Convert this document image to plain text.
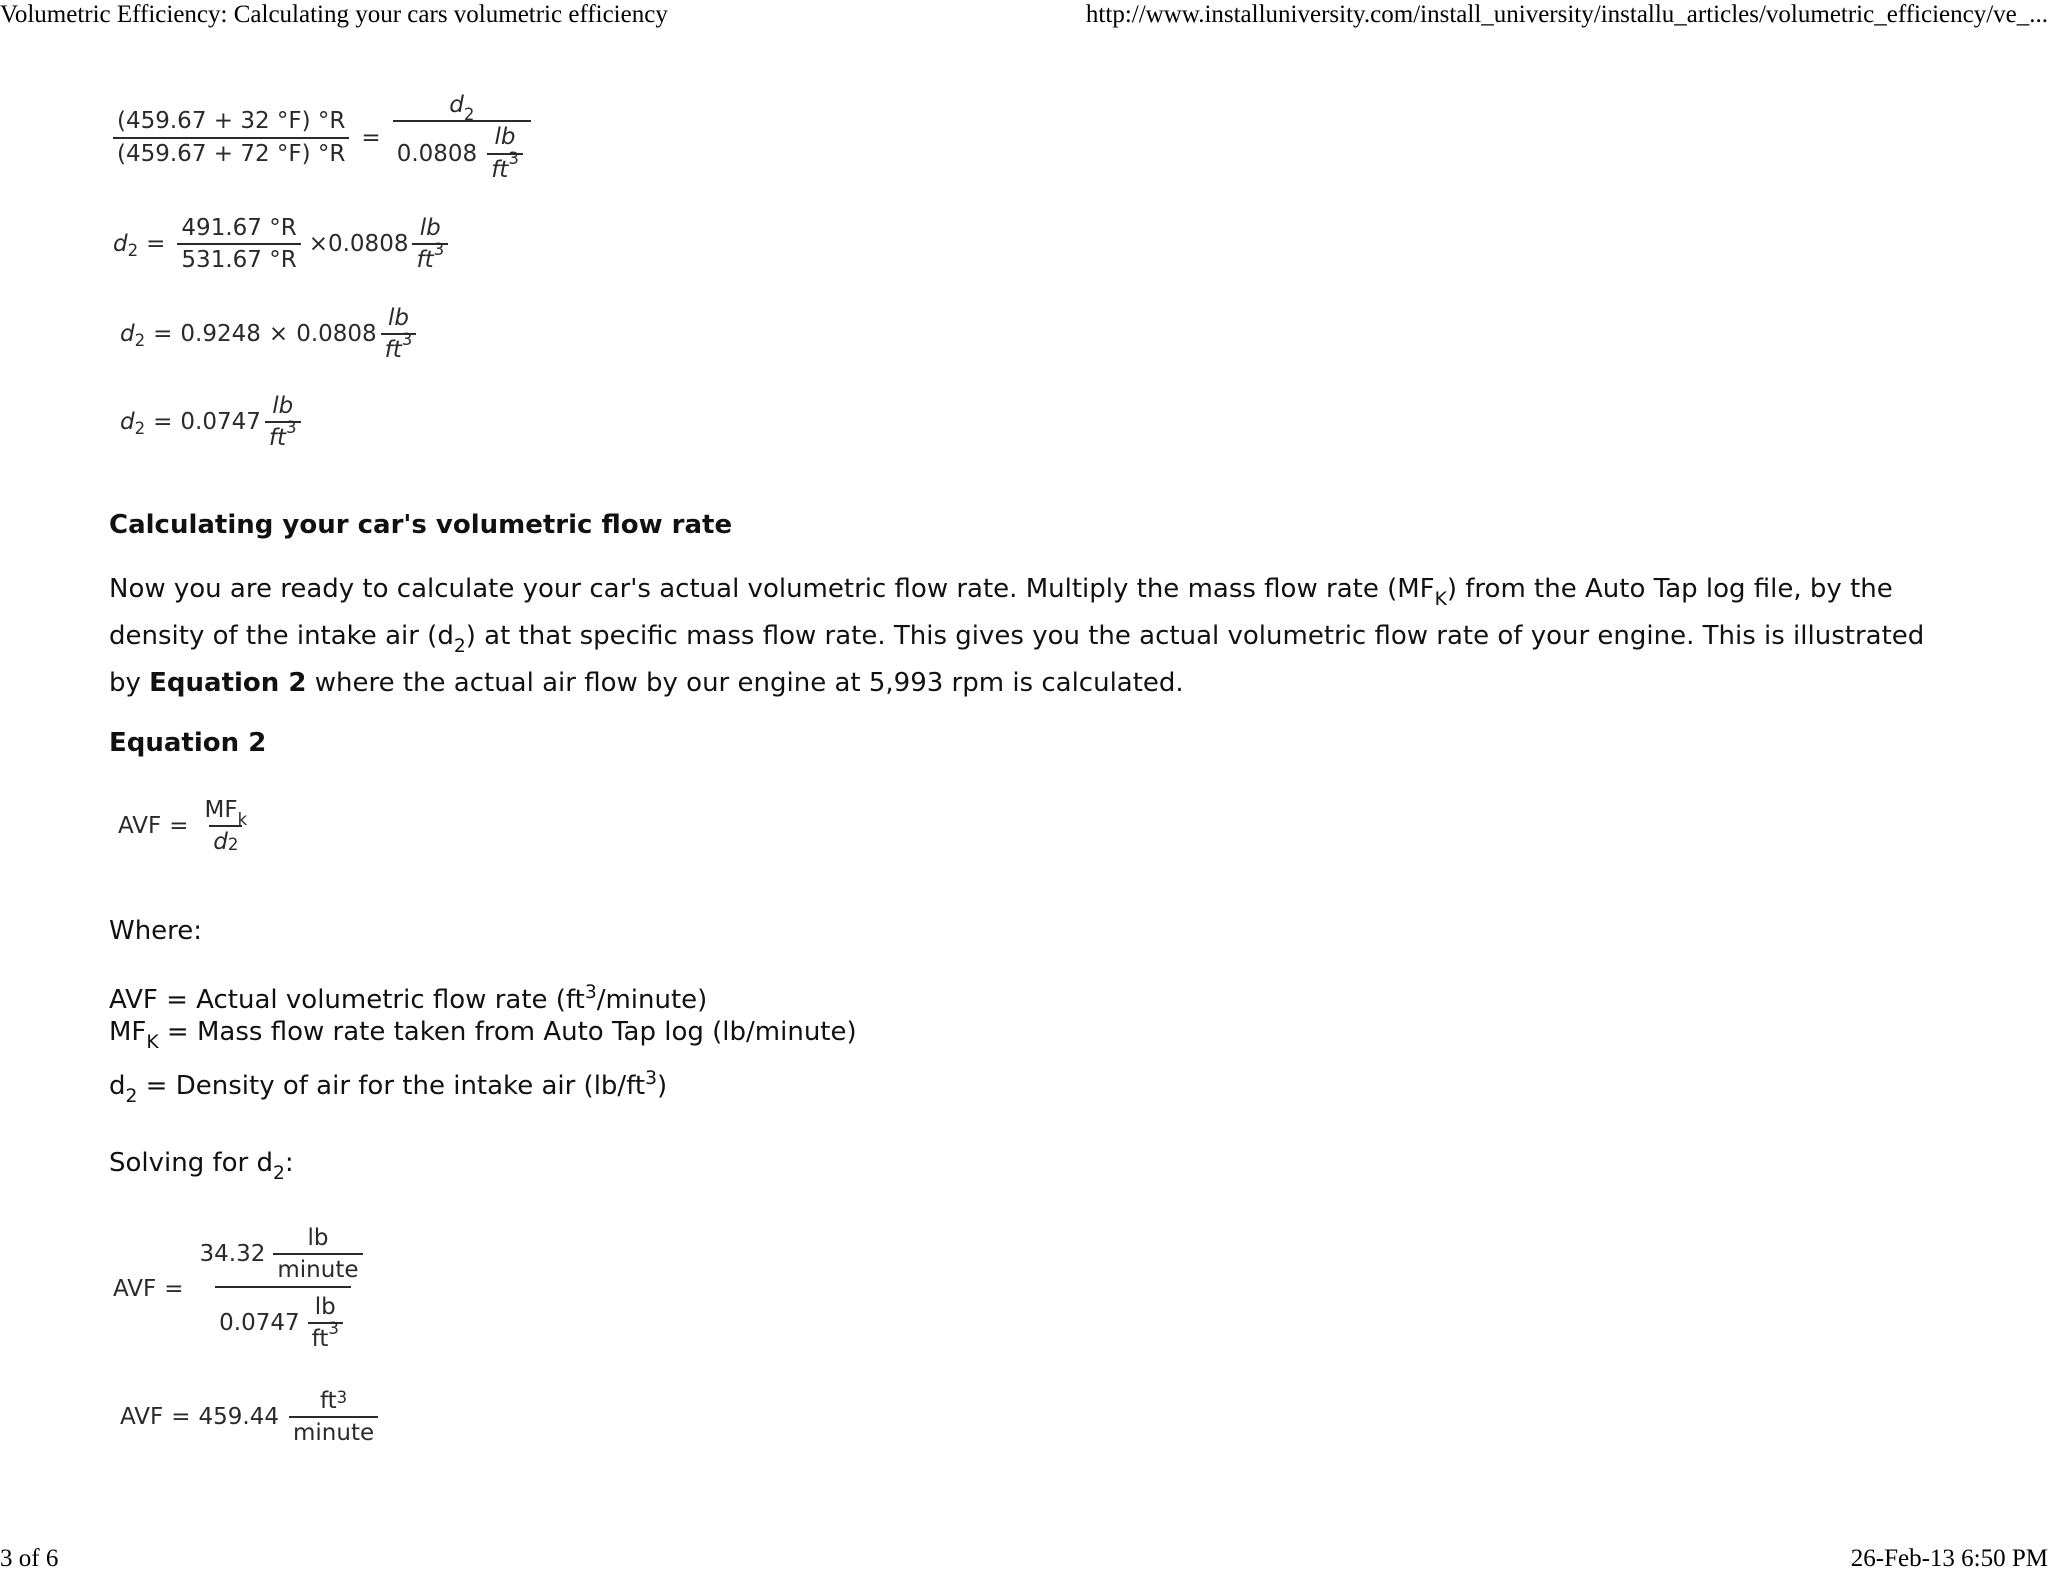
Volumetric Efficiency: Calculating your cars volumetric efficiency	http://www.installuniversity.com/install_university/installu_articles/volumetric_efficiency/ve_...
$\frac{(459.67 + 32 ^\circ F) ^\circ R}{(459.67 + 72 ^\circ F) ^\circ R} = \frac{d 2}{0.0808 \frac{lb}{ft 3}}$
d $2 = \frac{491.67 ^\circ R}{531.67 ^\circ R} \times 0.0808 \frac{lb}{ft 3}$
d $2 = 0.9248 \times 0.0808 \frac{lb}{ft 3}$
d $2 = 0.0747 \frac{lb}{ft 3}$
Calculating your car's volumetric flow rate
Now you are ready to calculate your car's actual volumetric flow rate. Multiply the mass flow rate $(MF_K)$ from the Auto Tap log file, by the density of the intake air $(d_2)$ at that specific mass flow rate. This gives you the actual volumetric flow rate of your engine. This is illustrated by Equation 2 where the actual air flow by our engine at 5,993 rpm is calculated.
Equation 2
AVF = $\frac{\text{MF k}}{d 2}$
Where:
AVF = Actual volumetric flow rate $(ft^3/minute)$
$MF_K$ = Mass flow rate taken from Auto Tap log (lb/minute)
$d_2$ = Density of air for the intake air $(lb/ft^3)$
Solving for $d_2$:
AVF = $\frac{34.32 \frac{lb}{\text{minute}}}{0.0747 \frac{lb}{ft 3}}$
AVF = $459.44 \frac{ft 3}{\text{minute}}$
3 of 6	26-Feb-13 6:50 PM
